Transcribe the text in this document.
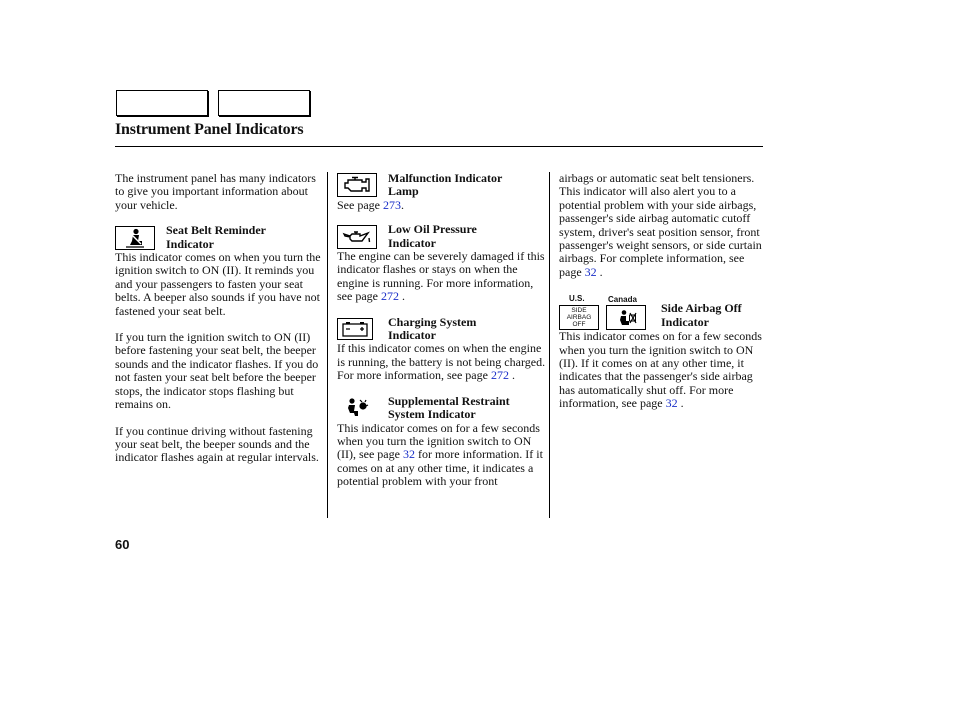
Instrument Panel Indicators

The instrument panel has many indicators to give you important information about your vehicle.

Seat Belt Reminder
Indicator

This indicator comes on when you turn the ignition switch to ON (II). It reminds you and your passengers to fasten your seat belts. A beeper also sounds if you have not fastened your seat belt.

If you turn the ignition switch to ON (II) before fastening your seat belt, the beeper sounds and the indicator flashes. If you do not fasten your seat belt before the beeper stops, the indicator stops flashing but remains on.

If you continue driving without fastening your seat belt, the beeper sounds and the indicator flashes again at regular intervals.

Malfunction Indicator
Lamp

See page 273.

Low Oil Pressure
Indicator

The engine can be severely damaged if this indicator flashes or stays on when the engine is running. For more information, see page 272 .

Charging System
Indicator

If this indicator comes on when the engine is running, the battery is not being charged. For more information, see page 272 .

Supplemental Restraint
System Indicator

This indicator comes on for a few seconds when you turn the ignition switch to ON (II), see page 32 for more information. If it comes on at any other time, it indicates a potential problem with your front

airbags or automatic seat belt tensioners. This indicator will also alert you to a potential problem with your side airbags, passenger's side airbag automatic cutoff system, driver's seat position sensor, front passenger's weight sensors, or side curtain airbags. For complete information, see page 32 .

U.S.	Canada
SIDE
AIRBAG
OFF
Side Airbag Off
Indicator

This indicator comes on for a few seconds when you turn the ignition switch to ON (II). If it comes on at any other time, it indicates that the passenger's side airbag has automatically shut off. For more information, see page 32 .

60
